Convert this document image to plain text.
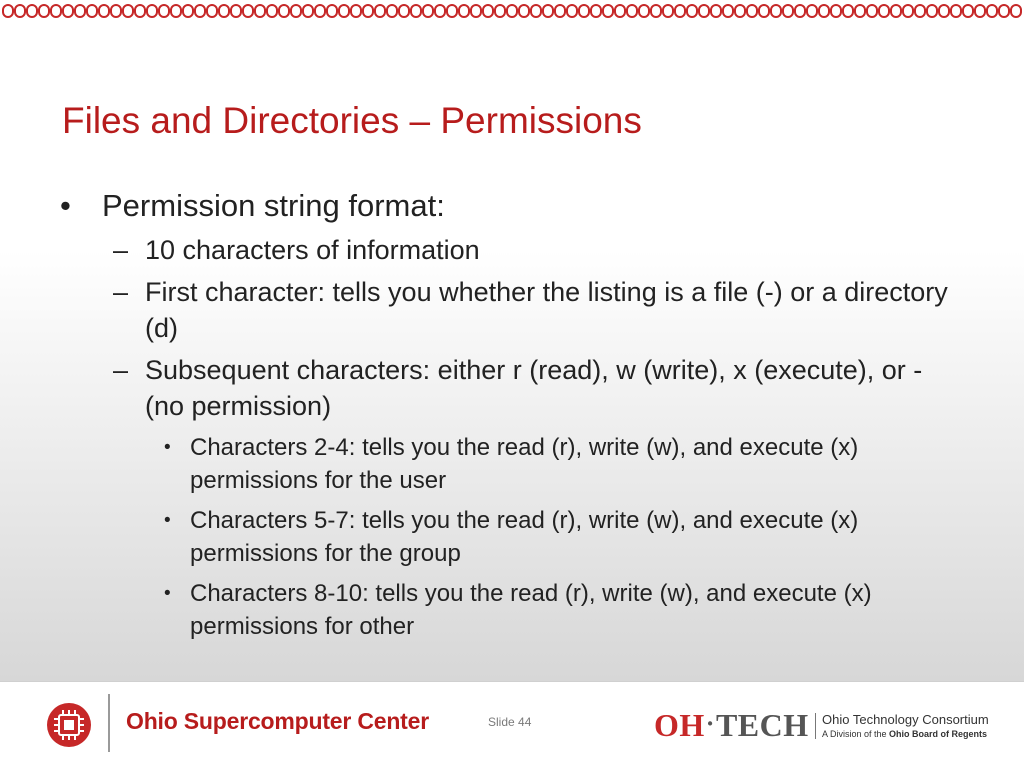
Files and Directories – Permissions
• Permission string format:
– 10 characters of information
– First character: tells you whether the listing is a file (-) or a directory (d)
– Subsequent characters: either r (read), w (write), x (execute), or - (no permission)
• Characters 2-4: tells you the read (r), write (w), and execute (x) permissions for the user
• Characters 5-7: tells you the read (r), write (w), and execute (x) permissions for the group
• Characters 8-10: tells you the read (r), write (w), and execute (x) permissions for other
Ohio Supercomputer Center	Slide 44	OH·TECH Ohio Technology Consortium
A Division of the Ohio Board of Regents
